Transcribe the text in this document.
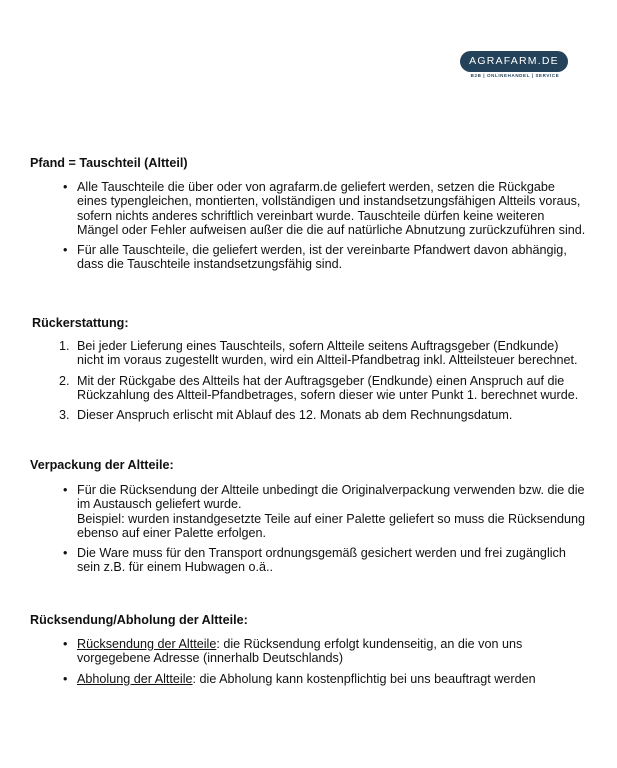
AGRAFARM.DE
B2B | ONLINEHANDEL | SERVICE
Pfand = Tauschteil (Altteil)
• Alle Tauschteile die über oder von agrafarm.de geliefert werden, setzen die Rückgabe eines typengleichen, montierten, vollständigen und instandsetzungsfähigen Altteils voraus, sofern nichts anderes schriftlich vereinbart wurde. Tauschteile dürfen keine weiteren Mängel oder Fehler aufweisen außer die die auf natürliche Abnutzung zurückzuführen sind.
• Für alle Tauschteile, die geliefert werden, ist der vereinbarte Pfandwert davon abhängig, dass die Tauschteile instandsetzungsfähig sind.
Rückerstattung:
1. Bei jeder Lieferung eines Tauschteils, sofern Altteile seitens Auftragsgeber (Endkunde) nicht im voraus zugestellt wurden, wird ein Altteil-Pfandbetrag inkl. Altteilsteuer berechnet.
2. Mit der Rückgabe des Altteils hat der Auftragsgeber (Endkunde) einen Anspruch auf die Rückzahlung des Altteil-Pfandbetrages, sofern dieser wie unter Punkt 1. berechnet wurde.
3. Dieser Anspruch erlischt mit Ablauf des 12. Monats ab dem Rechnungsdatum.
Verpackung der Altteile:
• Für die Rücksendung der Altteile unbedingt die Originalverpackung verwenden bzw. die die im Austausch geliefert wurde.
Beispiel: wurden instandgesetzte Teile auf einer Palette geliefert so muss die Rücksendung ebenso auf einer Palette erfolgen.
• Die Ware muss für den Transport ordnungsgemäß gesichert werden und frei zugänglich sein z.B. für einem Hubwagen o.ä..
Rücksendung/Abholung der Altteile:
• Rücksendung der Altteile: die Rücksendung erfolgt kundenseitig, an die von uns vorgegebene Adresse (innerhalb Deutschlands)
• Abholung der Altteile: die Abholung kann kostenpflichtig bei uns beauftragt werden
